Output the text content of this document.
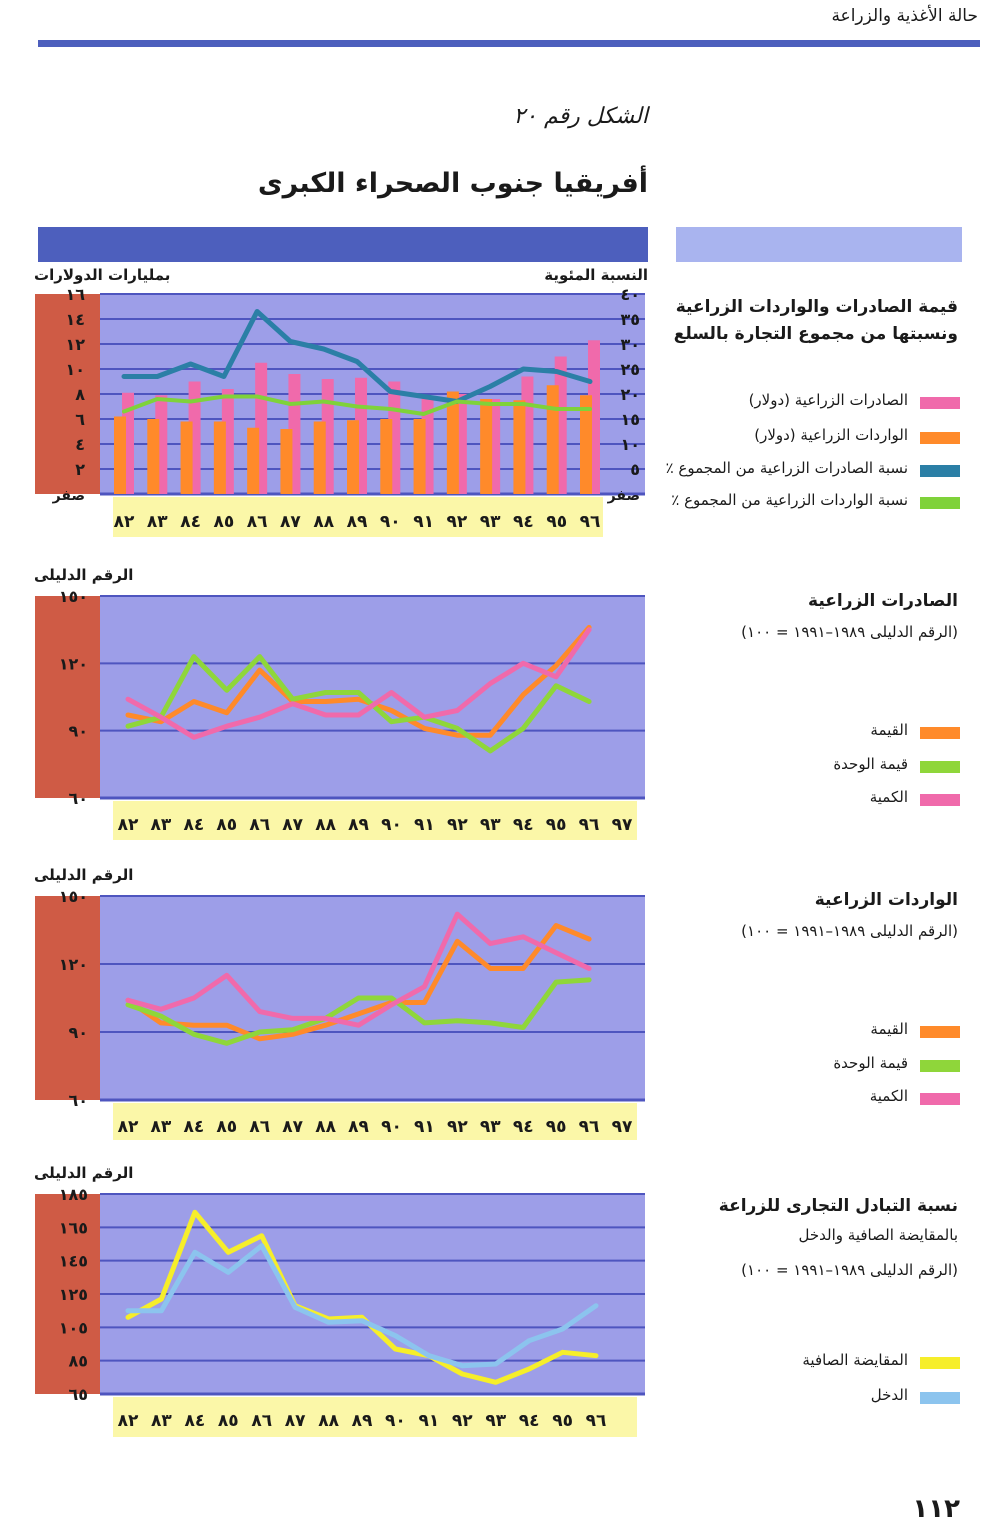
حالة الأغذية والزراعة
الشكل رقم ٢٠
أفريقيا جنوب الصحراء الكبرى
النسبة المئوية
بمليارات الدولارات
٨٢ ٨٣ ٨٤ ٨٥ ٨٦ ٨٧ ٨٨ ٨٩ ٩٠ ٩١ ٩٢ ٩٣ ٩٤ ٩٥ ٩٦
صفر
٢
٤
٦
٨
١٠
١٢
١٤
١٦
صفر
٥
١٠
١٥
٢٠
٢٥
٣٠
٣٥
٤٠
قيمة الصادرات والواردات الزراعية ونسبتها من مجموع التجارة بالسلع
الصادرات الزراعية (دولار)
الواردات الزراعية (دولار)
نسبة الصادرات الزراعية من المجموع ٪
نسبة الواردات الزراعية من المجموع ٪
الرقم الدليلى
٨٢ ٨٣ ٨٤ ٨٥ ٨٦ ٨٧ ٨٨ ٨٩ ٩٠ ٩١ ٩٢ ٩٣ ٩٤ ٩٥ ٩٦ ٩٧
٦٠
٩٠
١٢٠
١٥٠	الصادرات الزراعية
(الرقم الدليلى ١٩٨٩–١٩٩١ = ١٠٠)
القيمة
قيمة الوحدة
الكمية
الرقم الدليلى
٨٢ ٨٣ ٨٤ ٨٥ ٨٦ ٨٧ ٨٨ ٨٩ ٩٠ ٩١ ٩٢ ٩٣ ٩٤ ٩٥ ٩٦ ٩٧
٦٠
٩٠
١٢٠
١٥٠	الواردات الزراعية
(الرقم الدليلى ١٩٨٩–١٩٩١ = ١٠٠)
القيمة
قيمة الوحدة
الكمية
الرقم الدليلى
٨٢ ٨٣ ٨٤ ٨٥ ٨٦ ٨٧ ٨٨ ٨٩ ٩٠ ٩١ ٩٢ ٩٣ ٩٤ ٩٥ ٩٦
٦٥
٨٥
١٠٥
١٢٥
١٤٥
١٦٥
١٨٥
نسبة التبادل التجارى للزراعة
بالمقايضة الصافية والدخل
(الرقم الدليلى ١٩٨٩–١٩٩١ = ١٠٠)
المقايضة الصافية
الدخل
١١٢
